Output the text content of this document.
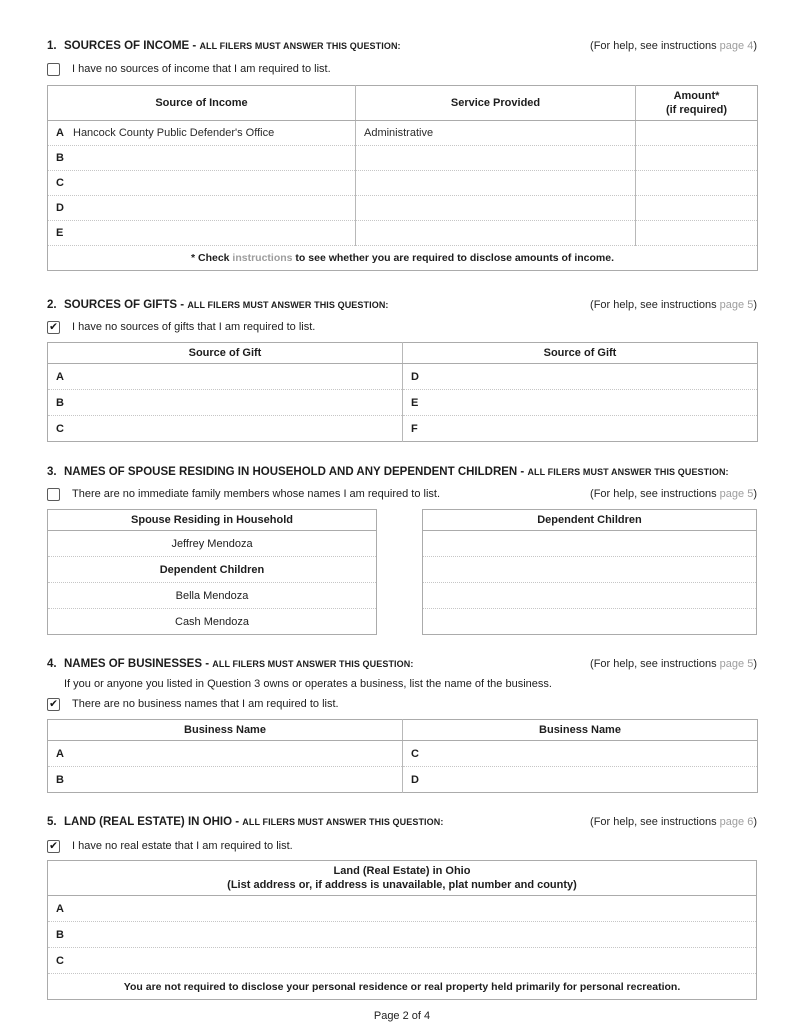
1. SOURCES OF INCOME - ALL FILERS MUST ANSWER THIS QUESTION:	(For help, see instructions page 4)
I have no sources of income that I am required to list.
Source of Income	Service Provided	Amount*
(if required)

A Hancock County Public Defender's Office	Administrative	
B		
C		
D		
E		
* Check instructions to see whether you are required to disclose amounts of income.		
2. SOURCES OF GIFTS - ALL FILERS MUST ANSWER THIS QUESTION:	(For help, see instructions page 5)
✔
I have no sources of gifts that I am required to list.
Source of Gift	Source of Gift
A	D
B	E
C	F
3. NAMES OF SPOUSE RESIDING IN HOUSEHOLD AND ANY DEPENDENT CHILDREN - ALL FILERS MUST ANSWER THIS QUESTION:
There are no immediate family members whose names I am required to list.	(For help, see instructions page 5)
Spouse Residing in Household
Jeffrey Mendoza
Dependent Children
Bella Mendoza
Cash Mendoza
Dependent Children

4. NAMES OF BUSINESSES - ALL FILERS MUST ANSWER THIS QUESTION:	(For help, see instructions page 5)
If you or anyone you listed in Question 3 owns or operates a business, list the name of the business.
✔
There are no business names that I am required to list.
Business Name	Business Name
A	C
B	D
5. LAND (REAL ESTATE) IN OHIO - ALL FILERS MUST ANSWER THIS QUESTION:	(For help, see instructions page 6)
✔
I have no real estate that I am required to list.
Land (Real Estate) in Ohio
(List address or, if address is unavailable, plat number and county)

A
B
C
You are not required to disclose your personal residence or real property held primarily for personal recreation.
Page 2 of 4
